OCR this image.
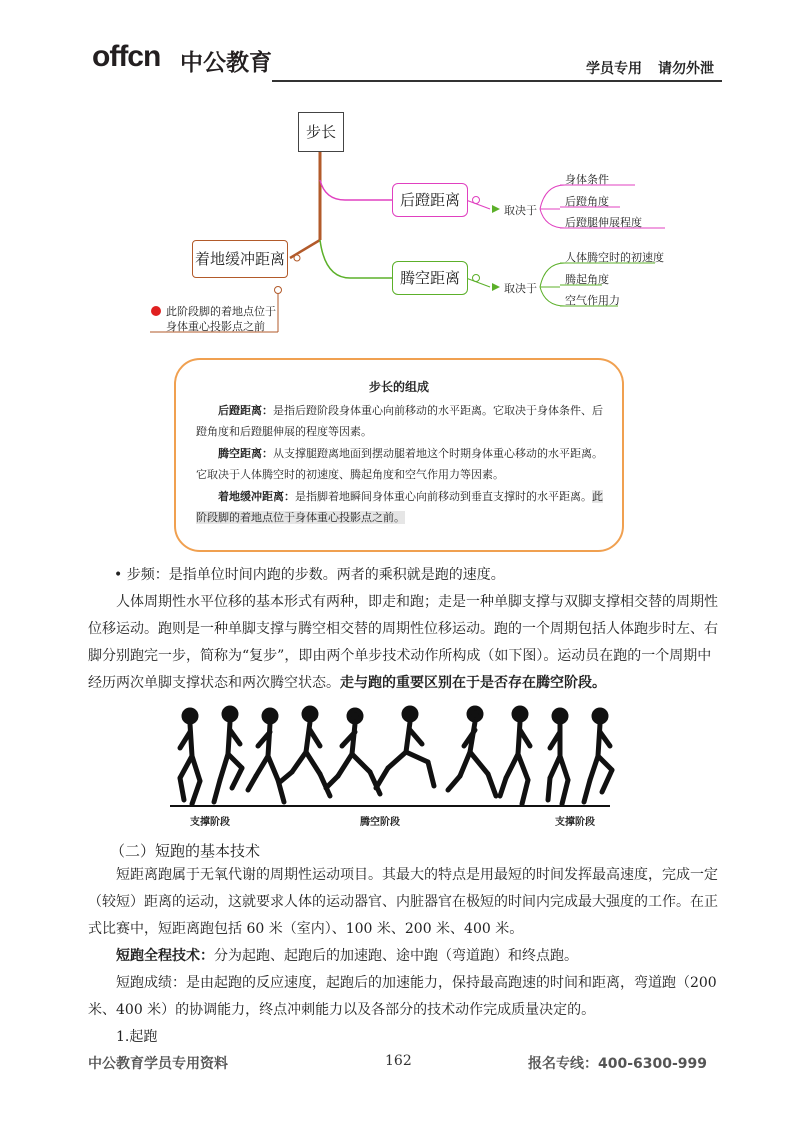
offcn 中公教育	学员专用 请勿外泄
步长
着地缓冲距离
后蹬距离
腾空距离
取决于
取决于
身体条件
后蹬角度
后蹬腿伸展程度
人体腾空时的初速度
腾起角度
空气作用力
此阶段脚的着地点位于
身体重心投影点之前
步长的组成
后蹬距离：是指后蹬阶段身体重心向前移动的水平距离。它取决于身体条件、后蹬角度和后蹬腿伸展的程度等因素。
腾空距离：从支撑腿蹬离地面到摆动腿着地这个时期身体重心移动的水平距离。它取决于人体腾空时的初速度、腾起角度和空气作用力等因素。
着地缓冲距离：是指脚着地瞬间身体重心向前移动到垂直支撑时的水平距离。此阶段脚的着地点位于身体重心投影点之前。
• 步频：是指单位时间内跑的步数。两者的乘积就是跑的速度。
人体周期性水平位移的基本形式有两种，即走和跑；走是一种单脚支撑与双脚支撑相交替的周期性位移运动。跑则是一种单脚支撑与腾空相交替的周期性位移运动。跑的一个周期包括人体跑步时左、右脚分别跑完一步，简称为“复步”，即由两个单步技术动作所构成（如下图）。运动员在跑的一个周期中经历两次单脚支撑状态和两次腾空状态。走与跑的重要区别在于是否存在腾空阶段。
支撑阶段	腾空阶段	支撑阶段
（二）短跑的基本技术
短距离跑属于无氧代谢的周期性运动项目。其最大的特点是用最短的时间发挥最高速度，完成一定（较短）距离的运动，这就要求人体的运动器官、内脏器官在极短的时间内完成最大强度的工作。在正式比赛中，短距离跑包括 60 米（室内）、100 米、200 米、400 米。
短跑全程技术：分为起跑、起跑后的加速跑、途中跑（弯道跑）和终点跑。
短跑成绩：是由起跑的反应速度，起跑后的加速能力，保持最高跑速的时间和距离，弯道跑（200 米、400 米）的协调能力，终点冲刺能力以及各部分的技术动作完成质量决定的。
1.起跑
中公教育学员专用资料	162	报名专线：400-6300-999
